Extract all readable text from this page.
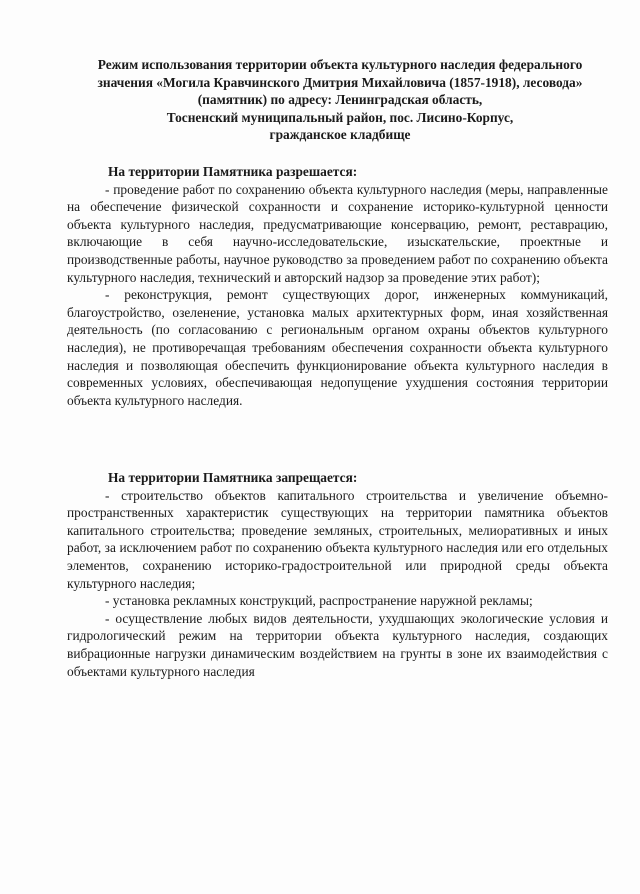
Режим использования территории объекта культурного наследия федерального
значения «Могила Кравчинского Дмитрия Михайловича (1857-1918), лесовода»
(памятник) по адресу: Ленинградская область,
Тосненский муниципальный район, пос. Лисино-Корпус,
гражданское кладбище
На территории Памятника разрешается:

- проведение работ по сохранению объекта культурного наследия (меры, направленные на обеспечение физической сохранности и сохранение историко-культурной ценности объекта культурного наследия, предусматривающие консервацию, ремонт, реставрацию, включающие в себя научно-исследовательские, изыскательские, проектные и производственные работы, научное руководство за проведением работ по сохранению объекта культурного наследия, технический и авторский надзор за проведение этих работ);

- реконструкция, ремонт существующих дорог, инженерных коммуникаций, благоустройство, озеленение, установка малых архитектурных форм, иная хозяйственная деятельность (по согласованию с региональным органом охраны объектов культурного наследия), не противоречащая требованиям обеспечения сохранности объекта культурного наследия и позволяющая обеспечить функционирование объекта культурного наследия в современных условиях, обеспечивающая недопущение ухудшения состояния территории объекта культурного наследия.

На территории Памятника запрещается:

- строительство объектов капитального строительства и увеличение объемно-пространственных характеристик существующих на территории памятника объектов капитального строительства; проведение земляных, строительных, мелиоративных и иных работ, за исключением работ по сохранению объекта культурного наследия или его отдельных элементов, сохранению историко-градостроительной или природной среды объекта культурного наследия;

- установка рекламных конструкций, распространение наружной рекламы;

- осуществление любых видов деятельности, ухудшающих экологические условия и гидрологический режим на территории объекта культурного наследия, создающих вибрационные нагрузки динамическим воздействием на грунты в зоне их взаимодействия с объектами культурного наследия
